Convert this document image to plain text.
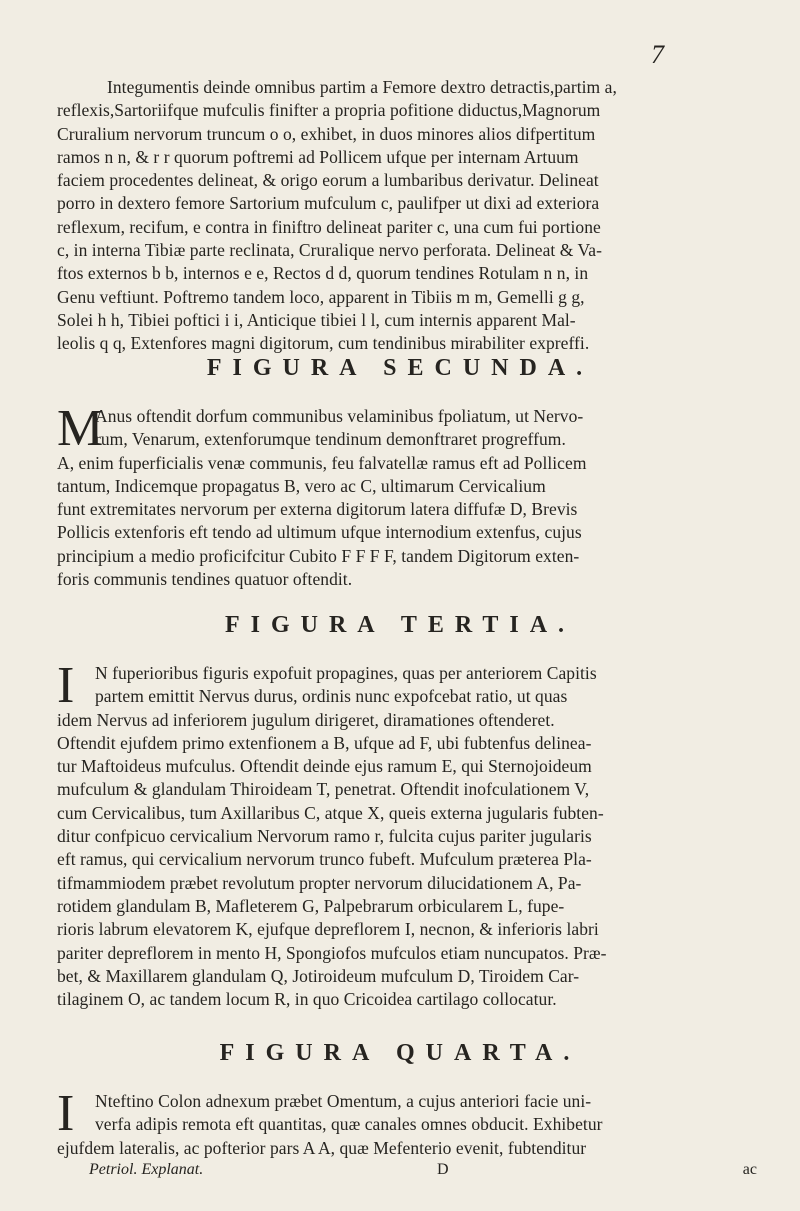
7
Integumentis deinde omnibus partim a Femore dextro detractis,partim a,
reflexis,Sartoriifque mufculis finifter a propria pofitione diductus,Magnorum
Cruralium nervorum truncum o o, exhibet, in duos minores alios difpertitum
ramos n n, & r r quorum poftremi ad Pollicem ufque per internam Artuum
faciem procedentes delineat, & origo eorum a lumbaribus derivatur. Delineat
porro in dextero femore Sartorium mufculum c, paulifper ut dixi ad exteriora
reflexum, recifum, e contra in finiftro delineat pariter c, una cum fui portione
c, in interna Tibiæ parte reclinata, Cruralique nervo perforata. Delineat & Va-
ftos externos b b, internos e e, Rectos d d, quorum tendines Rotulam n n, in
Genu veftiunt. Poftremo tandem loco, apparent in Tibiis m m, Gemelli g g,
Solei h h, Tibiei poftici i i, Anticique tibiei l l, cum internis apparent Mal-
leolis q q, Extenfores magni digitorum, cum tendinibus mirabiliter expreffi.
FIGURA SECUNDA.
M
Anus oftendit dorfum communibus velaminibus fpoliatum, ut Nervo-
rum, Venarum, extenforumque tendinum demonftraret progreffum.
A, enim fuperficialis venæ communis, feu falvatellæ ramus eft ad Pollicem
tantum, Indicemque propagatus B, vero ac C, ultimarum Cervicalium
funt extremitates nervorum per externa digitorum latera diffufæ D, Brevis
Pollicis extenforis eft tendo ad ultimum ufque internodium extenfus, cujus
principium a medio proficifcitur Cubito F F F F, tandem Digitorum exten-
foris communis tendines quatuor oftendit.
FIGURA TERTIA.
I	N fuperioribus figuris expofuit propagines, quas per anteriorem Capitis
partem emittit Nervus durus, ordinis nunc expofcebat ratio, ut quas
idem Nervus ad inferiorem jugulum dirigeret, diramationes oftenderet.
Oftendit ejufdem primo extenfionem a B, ufque ad F, ubi fubtenfus delinea-
tur Maftoideus mufculus. Oftendit deinde ejus ramum E, qui Sternojoideum
mufculum & glandulam Thiroideam T, penetrat. Oftendit inofculationem V,
cum Cervicalibus, tum Axillaribus C, atque X, queis externa jugularis fubten-
ditur confpicuo cervicalium Nervorum ramo r, fulcita cujus pariter jugularis
eft ramus, qui cervicalium nervorum trunco fubeft. Mufculum præterea Pla-
tifmammiodem præbet revolutum propter nervorum dilucidationem A, Pa-
rotidem glandulam B, Mafleterem G, Palpebrarum orbicularem L, fupe-
rioris labrum elevatorem K, ejufque depreflorem I, necnon, & inferioris labri
pariter depreflorem in mento H, Spongiofos mufculos etiam nuncupatos. Præ-
bet, & Maxillarem glandulam Q, Jotiroideum mufculum D, Tiroidem Car-
tilaginem O, ac tandem locum R, in quo Cricoidea cartilago collocatur.
FIGURA QUARTA.
I	Nteftino Colon adnexum præbet Omentum, a cujus anteriori facie uni-
verfa adipis remota eft quantitas, quæ canales omnes obducit. Exhibetur
ejufdem lateralis, ac pofterior pars A A, quæ Mefenterio evenit, fubtenditur
Petriol. Explanat.	D	ac
